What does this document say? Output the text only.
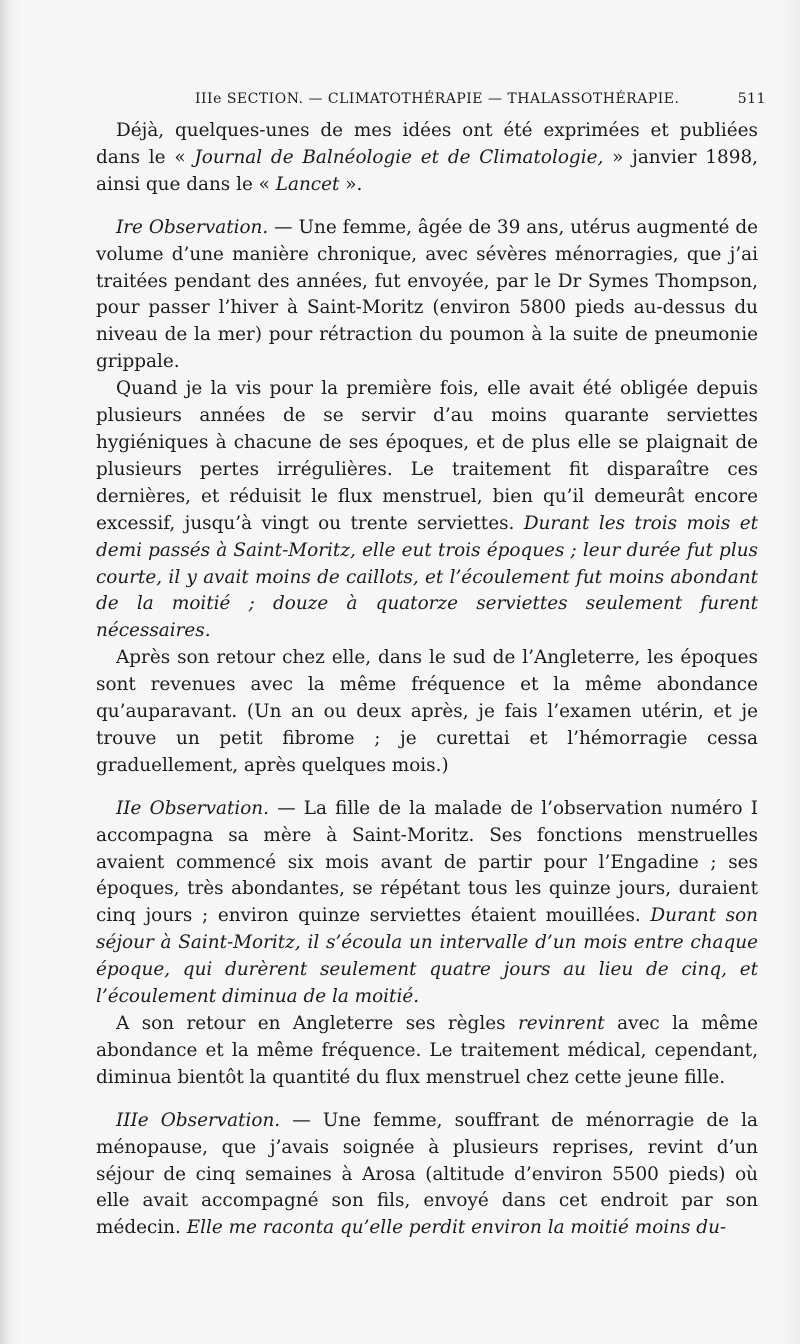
IIIe SECTION. — CLIMATOTHÉRAPIE — THALASSOTHÉRAPIE.	511

Déjà, quelques-unes de mes idées ont été exprimées et publiées dans le « Journal de Balnéologie et de Climatologie, » janvier 1898, ainsi que dans le « Lancet ».

Ire Observation. — Une femme, âgée de 39 ans, utérus augmenté de volume d’une manière chronique, avec sévères ménorragies, que j’ai traitées pendant des années, fut envoyée, par le Dr Symes Thompson, pour passer l’hiver à Saint-Moritz (environ 5800 pieds au-dessus du niveau de la mer) pour rétraction du poumon à la suite de pneumonie grippale.

Quand je la vis pour la première fois, elle avait été obligée depuis plusieurs années de se servir d’au moins quarante serviettes hygiéniques à chacune de ses époques, et de plus elle se plaignait de plusieurs pertes irrégulières. Le traitement fit disparaître ces dernières, et réduisit le flux menstruel, bien qu’il demeurât encore excessif, jusqu’à vingt ou trente serviettes. Durant les trois mois et demi passés à Saint-Moritz, elle eut trois époques ; leur durée fut plus courte, il y avait moins de caillots, et l’écoulement fut moins abondant de la moitié ; douze à quatorze serviettes seulement furent nécessaires.

Après son retour chez elle, dans le sud de l’Angleterre, les époques sont revenues avec la même fréquence et la même abondance qu’auparavant. (Un an ou deux après, je fais l’examen utérin, et je trouve un petit fibrome ; je curettai et l’hémorragie cessa graduellement, après quelques mois.)

IIe Observation. — La fille de la malade de l’observation numéro I accompagna sa mère à Saint-Moritz. Ses fonctions menstruelles avaient commencé six mois avant de partir pour l’Engadine ; ses époques, très abondantes, se répétant tous les quinze jours, duraient cinq jours ; environ quinze serviettes étaient mouillées. Durant son séjour à Saint-Moritz, il s’écoula un intervalle d’un mois entre chaque époque, qui durèrent seulement quatre jours au lieu de cinq, et l’écoulement diminua de la moitié.

A son retour en Angleterre ses règles revinrent avec la même abondance et la même fréquence. Le traitement médical, cependant, diminua bientôt la quantité du flux menstruel chez cette jeune fille.

IIIe Observation. — Une femme, souffrant de ménorragie de la ménopause, que j’avais soignée à plusieurs reprises, revint d’un séjour de cinq semaines à Arosa (altitude d’environ 5500 pieds) où elle avait accompagné son fils, envoyé dans cet endroit par son médecin. Elle me raconta qu’elle perdit environ la moitié moins du-
